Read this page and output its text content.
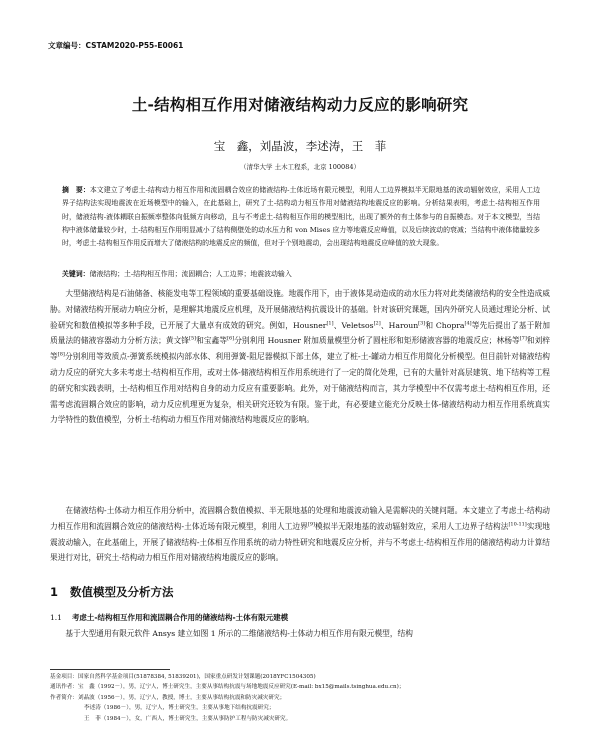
文章编号：CSTAM2020-P55-E0061
土-结构相互作用对储液结构动力反应的影响研究
宝　鑫，刘晶波，李述涛，王　菲
（清华大学 土木工程系，北京 100084）
摘　要：本文建立了考虑土-结构动力相互作用和流固耦合效应的储液结构-土体近场有限元模型，利用人工边界模拟半无限地基的波动辐射效应，采用人工边界子结构法实现地震波在近场模型中的输入，在此基础上，研究了土-结构动力相互作用对储液结构地震反应的影响。分析结果表明，考虑土-结构相互作用时，储液结构-液体耦联自振频率整体向低频方向移动，且与不考虑土-结构相互作用的模型相比，出现了额外的有土体参与的自振模态。对于本文模型，当结构中液体储量较少时，土-结构相互作用明显减小了结构侧壁处的动水压力和 von Mises 应力等地震反应峰值，以及后续波动的衰减；当结构中液体储量较多时，考虑土-结构相互作用反而增大了储液结构的地震反应的频值，但对于个别地震动，会出现结构地震反应峰值的放大现象。
关键词：储液结构；土-结构相互作用；流固耦合；人工边界；地震波动输入
大型储液结构是石油储备、核能发电等工程领域的重要基础设施。地震作用下，由于液体晃动造成的动水压力将对此类储液结构的安全性造成威胁。对储液结构开展动力响应分析，是理解其地震反应机理，及开展储液结构抗震设计的基础。针对该研究课题，国内外研究人员通过理论分析、试验研究和数值模拟等多种手段，已开展了大量卓有成效的研究。例如，Housner[1]、Veletsos[2]、Haroun[3]和 Chopra[4]等先后提出了基于附加质量法的储液容器动力分析方法；黄文锋[5]和宝鑫等[6]分别利用 Housner 附加质量模型分析了圆柱形和矩形储液容器的地震反应；林杨等[7]和刘梓等[8]分别利用等效质点-弹簧系统模拟内部水体、利用弹簧-阻尼器模拟下部土体，建立了桩-土-罐动力相互作用简化分析模型。但目前针对储液结构动力反应的研究大多未考虑土-结构相互作用，或对土体-储液结构相互作用系统进行了一定的简化处理，已有的大量针对高层建筑、地下结构等工程的研究和实践表明，土-结构相互作用对结构自身的动力反应有重要影响。此外，对于储液结构而言，其力学模型中不仅需考虑土-结构相互作用，还需考虑流固耦合效应的影响，动力反应机理更为复杂，相关研究还较为有限。鉴于此，有必要建立能充分反映土体-储液结构动力相互作用系统真实力学特性的数值模型，分析土-结构动力相互作用对储液结构地震反应的影响。
在储液结构-土体动力相互作用分析中，流固耦合数值模拟、半无限地基的处理和地震波动输入是需解决的关键问题。本文建立了考虑土-结构动力相互作用和流固耦合效应的储液结构-土体近场有限元模型，利用人工边界[9]模拟半无限地基的波动辐射效应，采用人工边界子结构法[10-11]实现地震波动输入，在此基础上，开展了储液结构-土体相互作用系统的动力特性研究和地震反应分析，并与不考虑土-结构相互作用的储液结构动力计算结果进行对比，研究土-结构动力相互作用对储液结构地震反应的影响。
1 数值模型及分析方法
1.1 考虑土-结构相互作用和流固耦合作用的储液结构-土体有限元建模
基于大型通用有限元软件 Ansys 建立如图 1 所示的二维储液结构-土体动力相互作用有限元模型，结构
基金项目：国家自然科学基金项目(51878384, 51839201)，国家重点研发计划课题(2018YFC1504305)
通讯作者：宝　鑫（1992－），男，辽宁人，博士研究生，主要从事结构抗震与场地地震反应研究(E-mail: bx15@mails.tsinghua.edu.cn)；
作者简介：刘晶波（1956－），男，辽宁人，教授，博士，主要从事结构抗震和防灾减灾研究；
李述涛（1986－），男，辽宁人，博士研究生，主要从事地下结构抗震研究；
王　菲（1984－），女，广西人，博士研究生，主要从事防护工程与防灾减灾研究。
